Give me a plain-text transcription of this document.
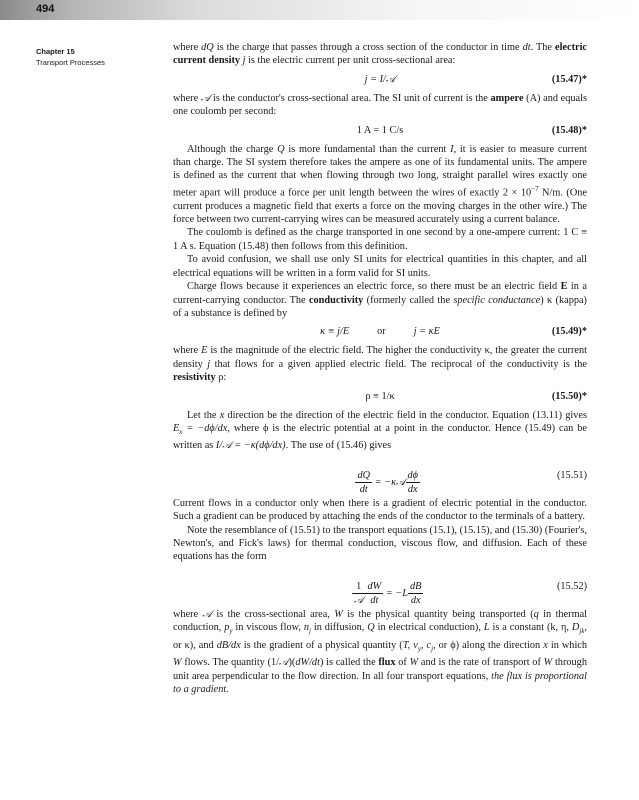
494
Chapter 15
Transport Processes

where dQ is the charge that passes through a cross section of the conductor in time dt. The electric current density j is the electric current per unit cross-sectional area:

j = I/𝒜	(15.47)*

where 𝒜 is the conductor's cross-sectional area. The SI unit of current is the ampere (A) and equals one coulomb per second:

1 A = 1 C/s	(15.48)*

Although the charge Q is more fundamental than the current I, it is easier to measure current than charge. The SI system therefore takes the ampere as one of its fundamental units. The ampere is defined as the current that when flowing through two long, straight parallel wires exactly one meter apart will produce a force per unit length between the wires of exactly $2 \times 10^{-7}$ N/m. (One current produces a magnetic field that exerts a force on the moving charges in the other wire.) The force between two current-carrying wires can be measured accurately using a current balance.

The coulomb is defined as the charge transported in one second by a one-ampere current: 1 C ≡ 1 A s. Equation (15.48) then follows from this definition.

To avoid confusion, we shall use only SI units for electrical quantities in this chapter, and all electrical equations will be written in a form valid for SI units.

Charge flows because it experiences an electric force, so there must be an electric field E in a current-carrying conductor. The conductivity (formerly called the specific conductance) κ (kappa) of a substance is defined by

κ ≡ j/E	or	j = κE	(15.49)*

where E is the magnitude of the electric field. The higher the conductivity κ, the greater the current density j that flows for a given applied electric field. The reciprocal of the conductivity is the resistivity ρ:

ρ ≡ 1/κ	(15.50)*

Let the x direction be the direction of the electric field in the conductor. Equation (13.11) gives $E_x = -d\phi/dx$, where ϕ is the electric potential at a point in the conductor. Hence (15.49) can be written as I/𝒜 = −κ(dϕ/dx). The use of (15.46) gives

$\frac{dQ}{dt}$ = −κ𝒜 $\frac{d\phi}{dx}$

	(15.51)

Current flows in a conductor only when there is a gradient of electric potential in the conductor. Such a gradient can be produced by attaching the ends of the conductor to the terminals of a battery.

Note the resemblance of (15.51) to the transport equations (15.1), (15.15), and (15.30) (Fourier's, Newton's, and Fick's laws) for thermal conduction, viscous flow, and diffusion. Each of these equations has the form

$\frac{1}{\text{𝒜}} \frac{dW}{dt} = -L \frac{dB}{dx}$

	(15.52)

where 𝒜 is the cross-sectional area, W is the physical quantity being transported (q in thermal conduction, $p_y$ in viscous flow, $n_j$ in diffusion, Q in electrical conduction), L is a constant (k, η, $D_{jk}$, or κ), and dB/dx is the gradient of a physical quantity (T, $v_y$, $c_j$, or ϕ) along the direction x in which W flows. The quantity (1/𝒜)(dW/dt) is called the flux of W and is the rate of transport of W through unit area perpendicular to the flow direction. In all four transport equations, the flux is proportional to a gradient.
